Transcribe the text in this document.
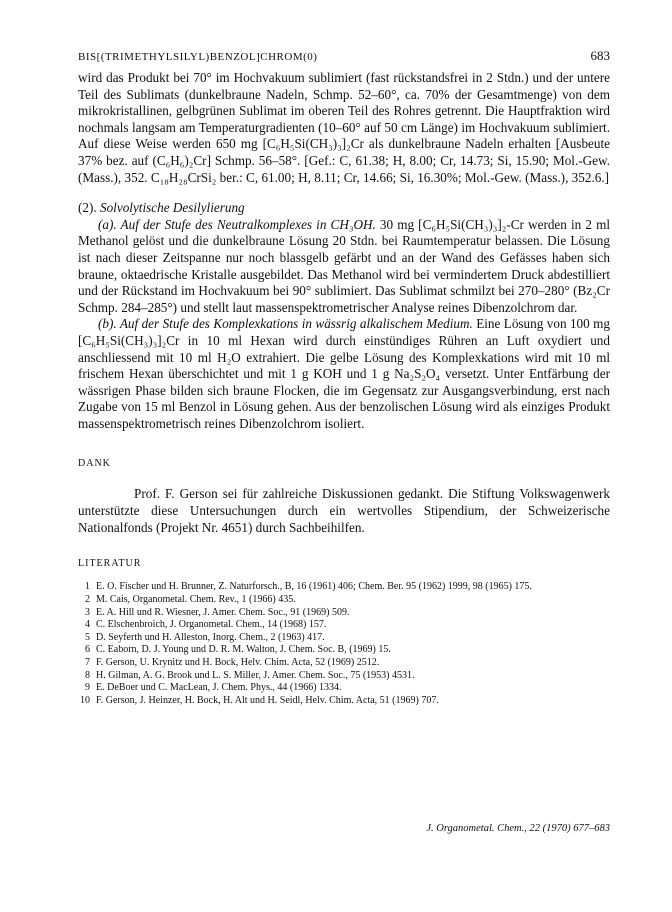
BIS[(TRIMETHYLSILYL)BENZOL]CHROM(0)	683

wird das Produkt bei 70° im Hochvakuum sublimiert (fast rückstandsfrei in 2 Stdn.) und der untere Teil des Sublimats (dunkelbraune Nadeln, Schmp. 52–60°, ca. 70% der Gesamtmenge) von dem mikrokristallinen, gelbgrünen Sublimat im oberen Teil des Rohres getrennt. Die Hauptfraktion wird nochmals langsam am Temperaturgradienten (10–60° auf 50 cm Länge) im Hochvakuum sublimiert. Auf diese Weise werden 650 mg [C₆H₅Si(CH₃)₃]₂Cr als dunkelbraune Nadeln erhalten [Ausbeute 37% bez. auf (C₆H₆)₂Cr] Schmp. 56–58°. [Gef.: C, 61.38; H, 8.00; Cr, 14.73; Si, 15.90; Mol.-Gew.(Mass.), 352. C₁₈H₂₈CrSi₂ ber.: C, 61.00; H, 8.11; Cr, 14.66; Si, 16.30%; Mol.-Gew. (Mass.), 352.6.]

(2). Solvolytische Desilylierung

(a). Auf der Stufe des Neutralkomplexes in CH₃OH. 30 mg [C₆H₅Si(CH₃)₃]₂-Cr werden in 2 ml Methanol gelöst und die dunkelbraune Lösung 20 Stdn. bei Raumtemperatur belassen. Die Lösung ist nach dieser Zeitspanne nur noch blassgelb gefärbt und an der Wand des Gefässes haben sich braune, oktaedrische Kristalle ausgebildet. Das Methanol wird bei vermindertem Druck abdestilliert und der Rückstand im Hochvakuum bei 90° sublimiert. Das Sublimat schmilzt bei 270–280° (Bz₂Cr Schmp. 284–285°) und stellt laut massenspektrometrischer Analyse reines Dibenzolchrom dar.

(b). Auf der Stufe des Komplexkations in wässrig alkalischem Medium. Eine Lösung von 100 mg [C₆H₅Si(CH₃)₃]₂Cr in 10 ml Hexan wird durch einstündiges Rühren an Luft oxydiert und anschliessend mit 10 ml H₂O extrahiert. Die gelbe Lösung des Komplexkations wird mit 10 ml frischem Hexan überschichtet und mit 1 g KOH und 1 g Na₂S₂O₄ versetzt. Unter Entfärbung der wässrigen Phase bilden sich braune Flocken, die im Gegensatz zur Ausgangsverbindung, erst nach Zugabe von 15 ml Benzol in Lösung gehen. Aus der benzolischen Lösung wird als einziges Produkt massenspektrometrisch reines Dibenzolchrom isoliert.

DANK

Prof. F. Gerson sei für zahlreiche Diskussionen gedankt. Die Stiftung Volkswagenwerk unterstützte diese Untersuchungen durch ein wertvolles Stipendium, der Schweizerische Nationalfonds (Projekt Nr. 4651) durch Sachbeihilfen.

LITERATUR
1 E. O. Fischer und H. Brunner, Z. Naturforsch., B, 16 (1961) 406; Chem. Ber. 95 (1962) 1999, 98 (1965) 175.
2 M. Cais, Organometal. Chem. Rev., 1 (1966) 435.
3 E. A. Hill und R. Wiesner, J. Amer. Chem. Soc., 91 (1969) 509.
4 C. Elschenbroich, J. Organometal. Chem., 14 (1968) 157.
5 D. Seyferth und H. Alleston, Inorg. Chem., 2 (1963) 417.
6 C. Eaborn, D. J. Young und D. R. M. Walton, J. Chem. Soc. B, (1969) 15.
7 F. Gerson, U. Krynitz und H. Bock, Helv. Chim. Acta, 52 (1969) 2512.
8 H. Gilman, A. G. Brook und L. S. Miller, J. Amer. Chem. Soc., 75 (1953) 4531.
9 E. DeBoer und C. MacLean, J. Chem. Phys., 44 (1966) 1334.
10 F. Gerson, J. Heinzer, H. Bock, H. Alt und H. Seidl, Helv. Chim. Acta, 51 (1969) 707.
J. Organometal. Chem., 22 (1970) 677–683
